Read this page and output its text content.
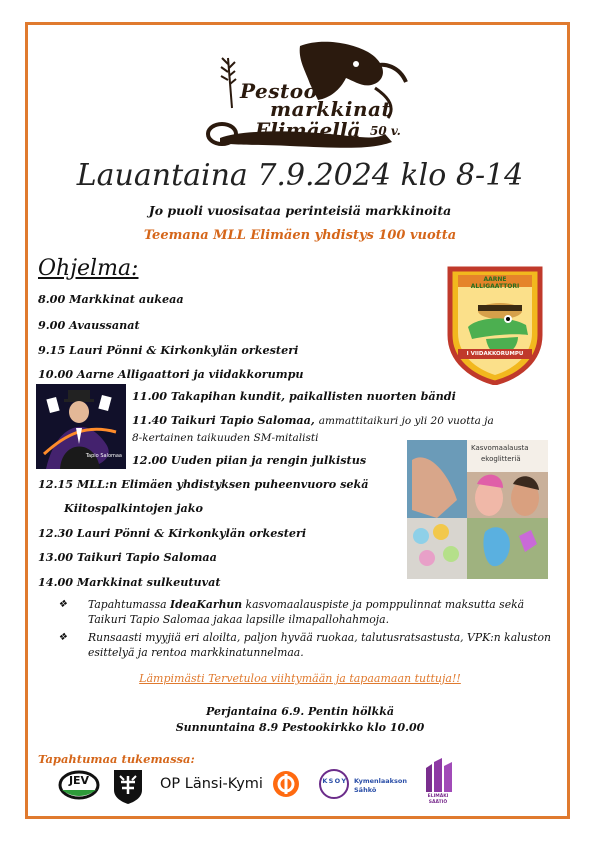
Pestoo-
markkinat
Elimäellä 50 v.
Lauantaina 7.9.2024 klo 8-14
Jo puoli vuosisataa perinteisiä markkinoita
Teemana MLL Elimäen yhdistys 100 vuotta
Ohjelma:
8.00 Markkinat aukeaa
9.00 Avaussanat
9.15 Lauri Pönni & Kirkonkylän orkesteri
10.00 Aarne Alligaattori ja viidakkorumpu
11.00 Takapihan kundit, paikallisten nuorten bändi
11.40 Taikuri Tapio Salomaa, ammattitaikuri jo yli 20 vuotta ja
8-kertainen taikuuden SM-mitalisti
12.00 Uuden piian ja rengin julkistus
12.15 MLL:n Elimäen yhdistyksen puheenvuoro sekä
Kiitospalkintojen jako
12.30 Lauri Pönni & Kirkonkylän orkesteri
13.00 Taikuri Tapio Salomaa
14.00 Markkinat sulkeutuvat
AARNE ALLIGAATTORI
I VIIDAKKORUMPU
Tapio Salomaa
Kasvomaalausta
ekoglitteriä
❖ Tapahtumassa IdeaKarhun kasvomaalauspiste ja pomppulinnat maksutta sekä Taikuri Tapio Salomaa jakaa lapsille ilmapallohahmoja.
❖ Runsaasti myyjiä eri aloilta, paljon hyvää ruokaa, talutusratsastusta, VPK:n kaluston esittelyä ja rentoa markkinatunnelmaa.
Lämpimästi Tervetuloa viihtymään ja tapaamaan tuttuja!!
Perjantaina 6.9. Pentin hölkkä
Sunnuntaina 8.9 Pestookirkko klo 10.00
Tapahtumaa tukemassa:
JEV	OP Länsi-Kymi	K S O Y Kymenlaakson
Sähkö
ELIMÄKI
SÄÄTIÖ
